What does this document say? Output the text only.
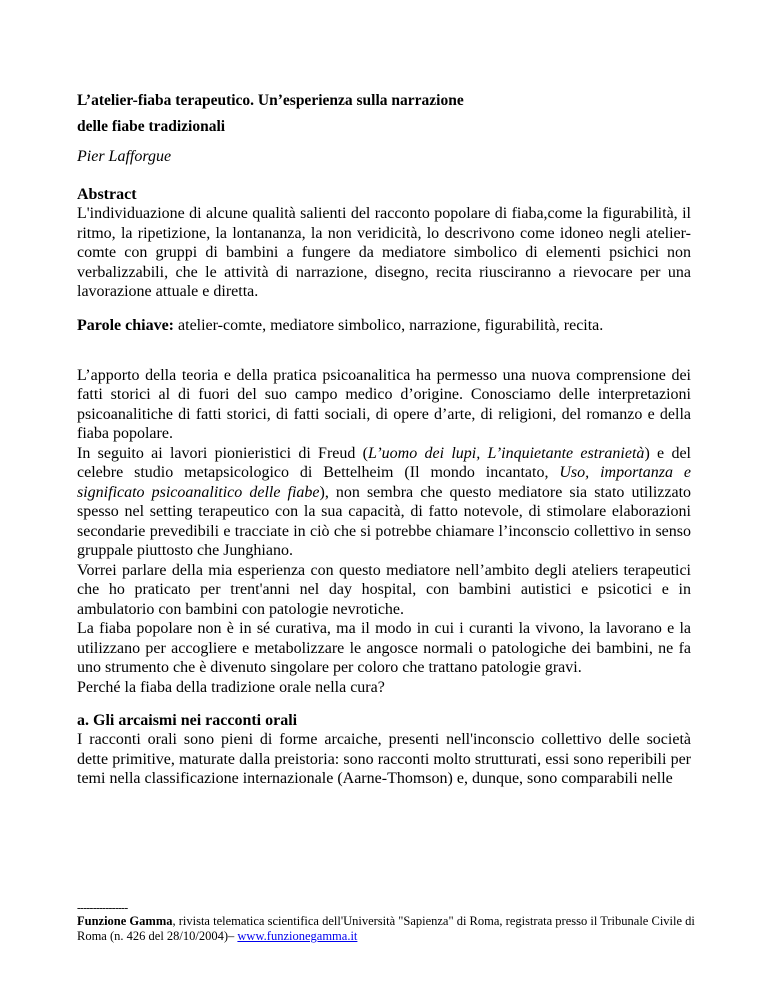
L’atelier-fiaba terapeutico. Un’esperienza sulla narrazione
delle fiabe tradizionali
Pier Lafforgue
Abstract

L'individuazione di alcune qualità salienti del racconto popolare di fiaba,come la figurabilità, il ritmo, la ripetizione, la lontananza, la non veridicità, lo descrivono come idoneo negli atelier-comte con gruppi di bambini a fungere da mediatore simbolico di elementi psichici non verbalizzabili, che le attività di narrazione, disegno, recita riusciranno a rievocare per una lavorazione attuale e diretta.

Parole chiave: atelier-comte, mediatore simbolico, narrazione, figurabilità, recita.

L’apporto della teoria e della pratica psicoanalitica ha permesso una nuova comprensione dei fatti storici al di fuori del suo campo medico d’origine. Conosciamo delle interpretazioni psicoanalitiche di fatti storici, di fatti sociali, di opere d’arte, di religioni, del romanzo e della fiaba popolare.

In seguito ai lavori pionieristici di Freud (L’uomo dei lupi, L’inquietante estranietà) e del celebre studio metapsicologico di Bettelheim (Il mondo incantato, Uso, importanza e significato psicoanalitico delle fiabe), non sembra che questo mediatore sia stato utilizzato spesso nel setting terapeutico con la sua capacità, di fatto notevole, di stimolare elaborazioni secondarie prevedibili e tracciate in ciò che si potrebbe chiamare l’inconscio collettivo in senso gruppale piuttosto che Junghiano.

Vorrei parlare della mia esperienza con questo mediatore nell’ambito degli ateliers terapeutici che ho praticato per trent'anni nel day hospital, con bambini autistici e psicotici e in ambulatorio con bambini con patologie nevrotiche.

La fiaba popolare non è in sé curativa, ma il modo in cui i curanti la vivono, la lavorano e la utilizzano per accogliere e metabolizzare le angosce normali o patologiche dei bambini, ne fa uno strumento che è divenuto singolare per coloro che trattano patologie gravi.

Perché la fiaba della tradizione orale nella cura?

a. Gli arcaismi nei racconti orali

I racconti orali sono pieni di forme arcaiche, presenti nell'inconscio collettivo delle società dette primitive, maturate dalla preistoria: sono racconti molto strutturati, essi sono reperibili per temi nella classificazione internazionale (Aarne-Thomson) e, dunque, sono comparabili nelle

----------------
Funzione Gamma, rivista telematica scientifica dell'Università "Sapienza" di Roma, registrata presso il Tribunale Civile di Roma (n. 426 del 28/10/2004)– www.funzionegamma.it
